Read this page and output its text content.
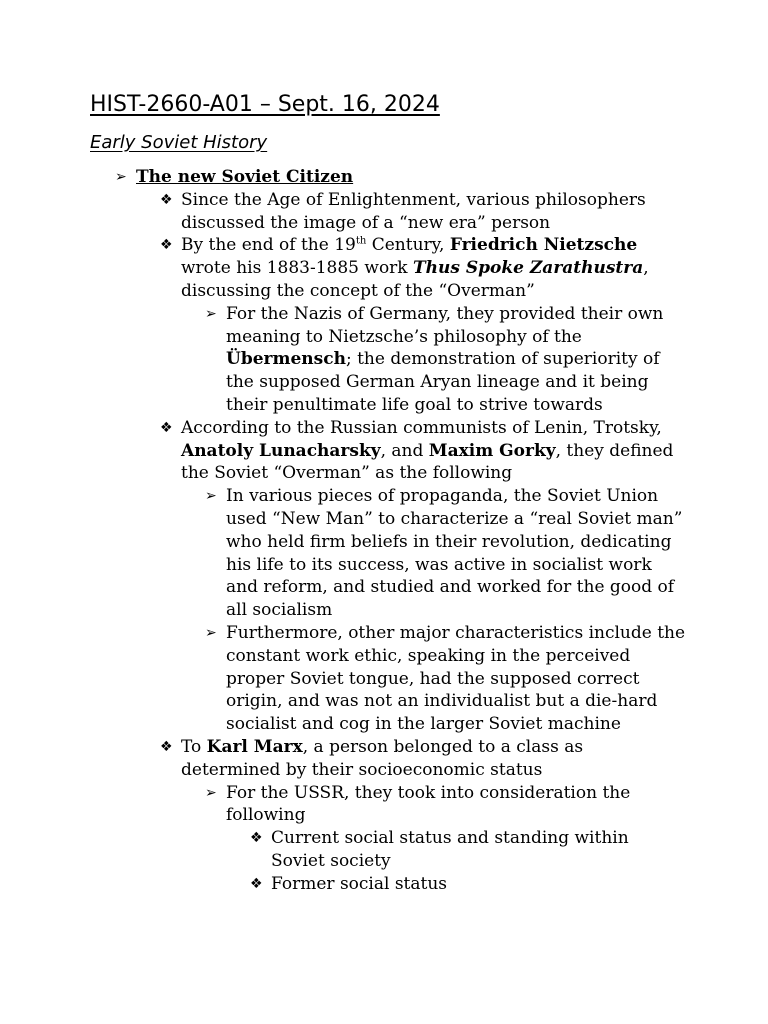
HIST-2660-A01 – Sept. 16, 2024
Early Soviet History
➢ The new Soviet Citizen
❖ Since the Age of Enlightenment, various philosophers discussed the image of a “new era” person
❖ By the end of the 19th Century, Friedrich Nietzsche wrote his 1883-1885 work Thus Spoke Zarathustra, discussing the concept of the “Overman”
➢ For the Nazis of Germany, they provided their own meaning to Nietzsche’s philosophy of the Übermensch; the demonstration of superiority of the supposed German Aryan lineage and it being their penultimate life goal to strive towards
❖ According to the Russian communists of Lenin, Trotsky, Anatoly Lunacharsky, and Maxim Gorky, they defined the Soviet “Overman” as the following
➢ In various pieces of propaganda, the Soviet Union used “New Man” to characterize a “real Soviet man” who held firm beliefs in their revolution, dedicating his life to its success, was active in socialist work and reform, and studied and worked for the good of all socialism
➢ Furthermore, other major characteristics include the constant work ethic, speaking in the perceived proper Soviet tongue, had the supposed correct origin, and was not an individualist but a die-hard socialist and cog in the larger Soviet machine
❖ To Karl Marx, a person belonged to a class as determined by their socioeconomic status
➢ For the USSR, they took into consideration the following
❖ Current social status and standing within Soviet society
❖ Former social status
